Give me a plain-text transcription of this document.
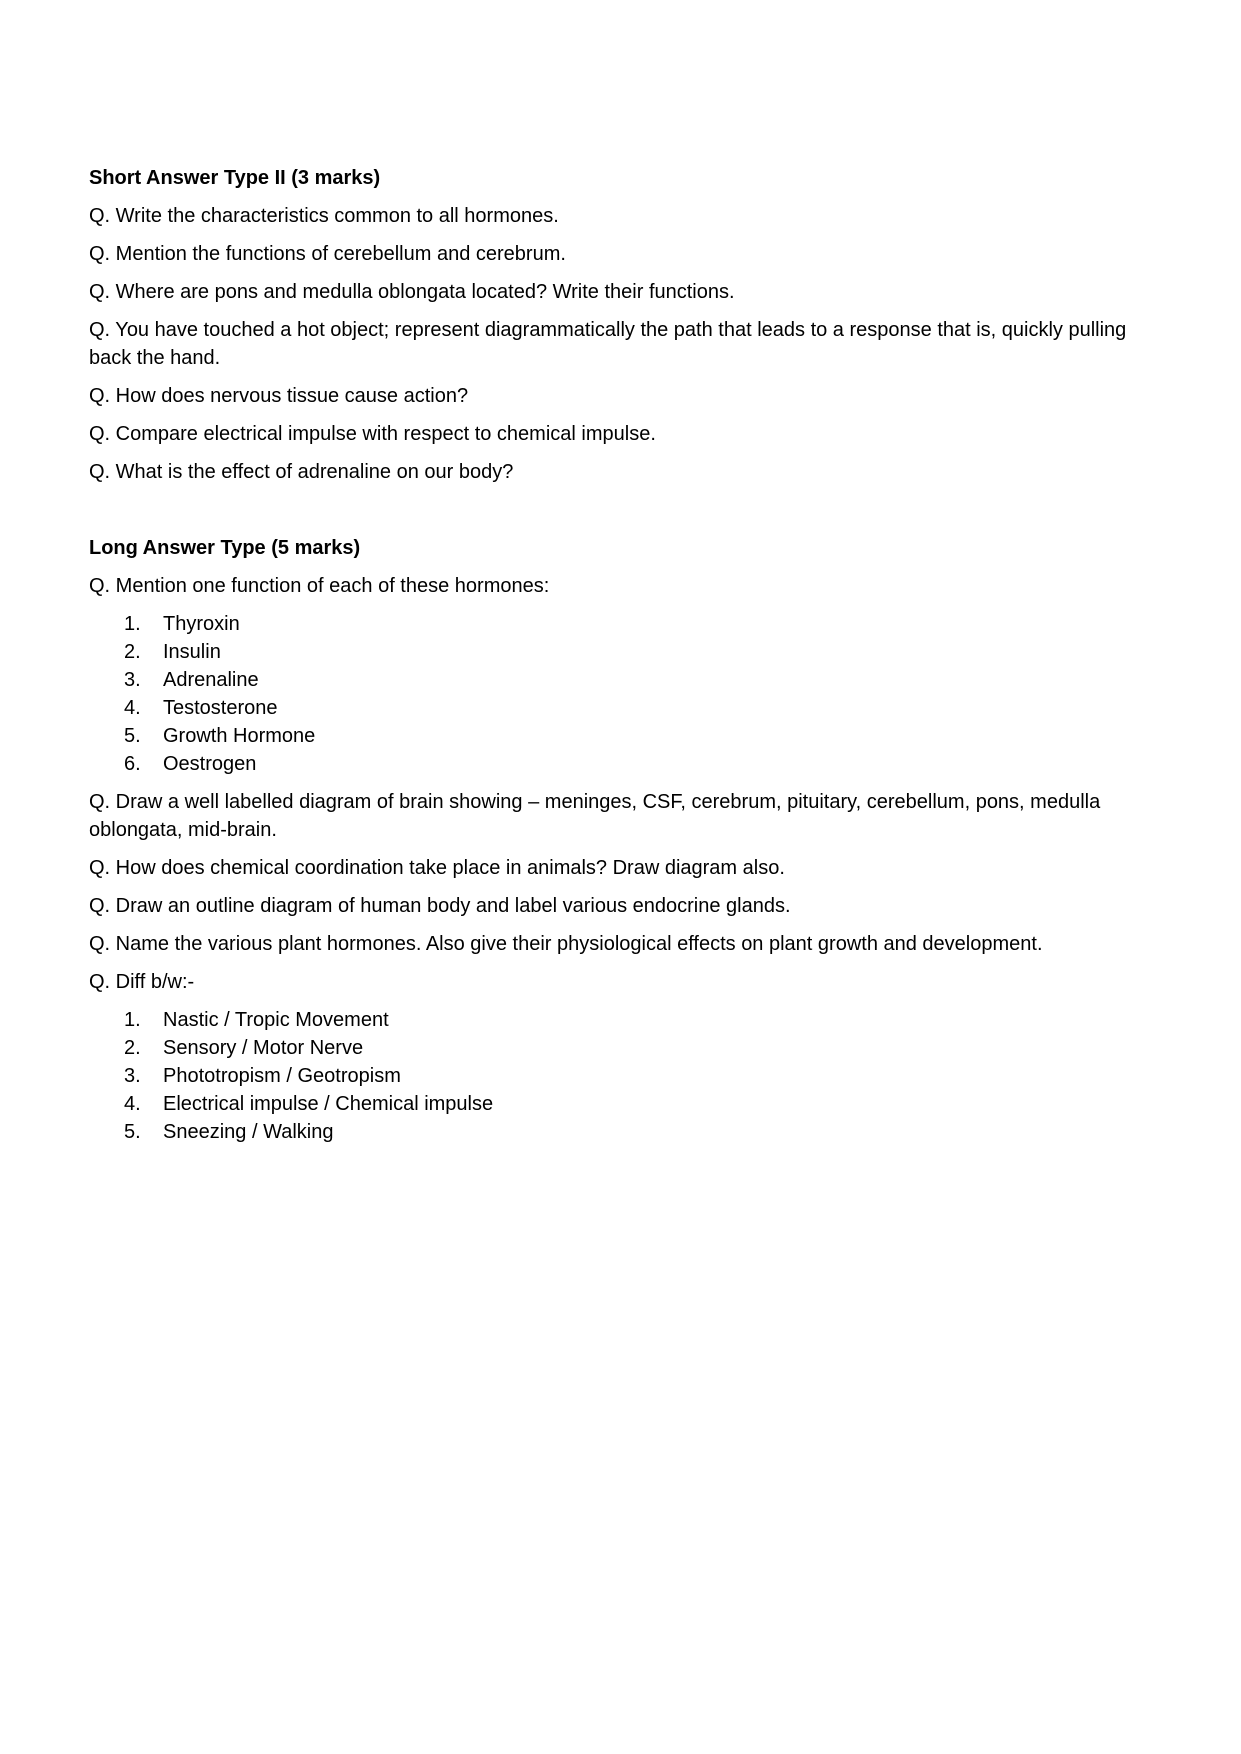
Short Answer Type II (3 marks)
Q. Write the characteristics common to all hormones.
Q. Mention the functions of cerebellum and cerebrum.
Q. Where are pons and medulla oblongata located? Write their functions.
Q. You have touched a hot object; represent diagrammatically the path that leads to a response that is, quickly pulling back the hand.
Q. How does nervous tissue cause action?
Q. Compare electrical impulse with respect to chemical impulse.
Q. What is the effect of adrenaline on our body?
Long Answer Type (5 marks)
Q. Mention one function of each of these hormones:
1.	Thyroxin
2.	Insulin
3.	Adrenaline
4.	Testosterone
5.	Growth Hormone
6.	Oestrogen
Q. Draw a well labelled diagram of brain showing – meninges, CSF, cerebrum, pituitary, cerebellum, pons, medulla oblongata, mid-brain.
Q. How does chemical coordination take place in animals? Draw diagram also.
Q. Draw an outline diagram of human body and label various endocrine glands.
Q. Name the various plant hormones. Also give their physiological effects on plant growth and development.
Q. Diff b/w:-
1.	Nastic / Tropic Movement
2.	Sensory / Motor Nerve
3.	Phototropism / Geotropism
4.	Electrical impulse / Chemical impulse
5.	Sneezing / Walking
